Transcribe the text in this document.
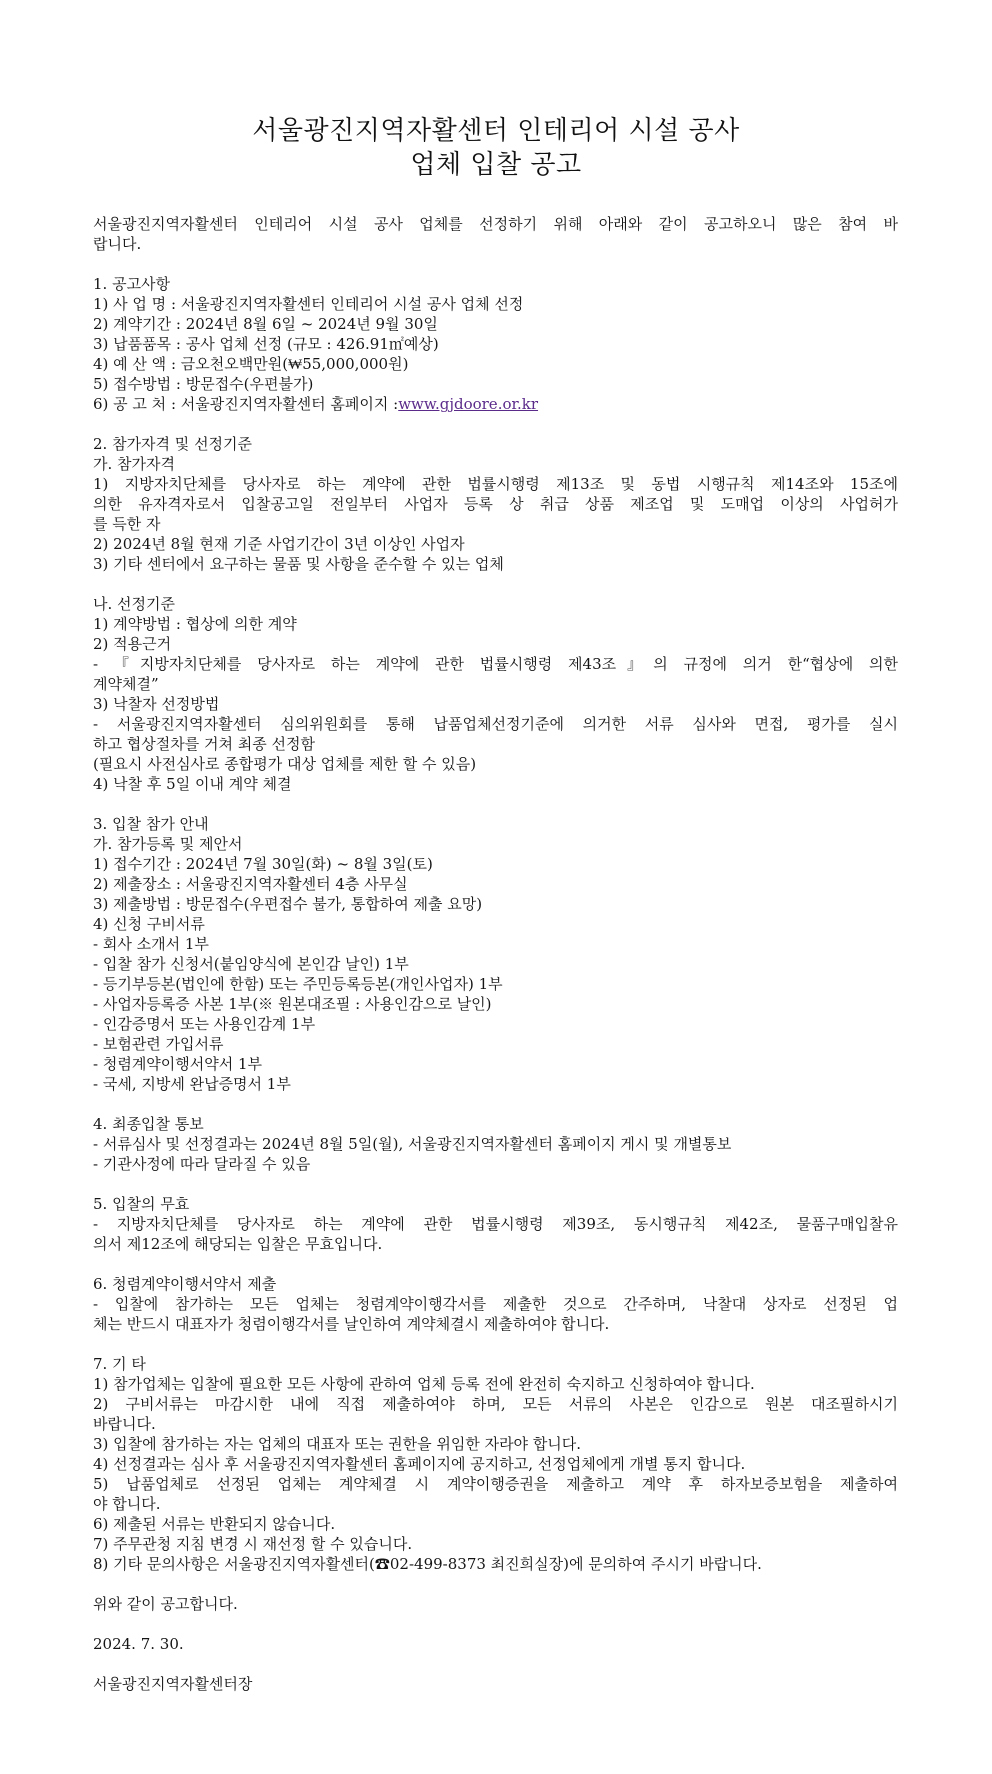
서울광진지역자활센터 인테리어 시설 공사
업체 입찰 공고

서울광진지역자활센터 인테리어 시설 공사 업체를 선정하기 위해 아래와 같이 공고하오니 많은 참여 바

랍니다.

1. 공고사항

1) 사 업 명 : 서울광진지역자활센터 인테리어 시설 공사 업체 선정

2) 계약기간 : 2024년 8월 6일 ~ 2024년 9월 30일

3) 납품품목 : 공사 업체 선정 (규모 : 426.91㎡예상)

4) 예 산 액 : 금오천오백만원(₩55,000,000원)

5) 접수방법 : 방문접수(우편불가)

6) 공 고 처 : 서울광진지역자활센터 홈페이지 :www.gjdoore.or.kr

2. 참가자격 및 선정기준

가. 참가자격

1) 지방자치단체를 당사자로 하는 계약에 관한 법률시행령 제13조 및 동법 시행규칙 제14조와 15조에

의한 유자격자로서 입찰공고일 전일부터 사업자 등록 상 취급 상품 제조업 및 도매업 이상의 사업허가

를 득한 자

2) 2024년 8월 현재 기준 사업기간이 3년 이상인 사업자

3) 기타 센터에서 요구하는 물품 및 사항을 준수할 수 있는 업체

나. 선정기준

1) 계약방법 : 협상에 의한 계약

2) 적용근거

- 『지방자치단체를 당사자로 하는 계약에 관한 법률시행령 제43조』의 규정에 의거 한“협상에 의한

계약체결”

3) 낙찰자 선정방법

- 서울광진지역자활센터 심의위원회를 통해 납품업체선정기준에 의거한 서류 심사와 면접, 평가를 실시

하고 협상절차를 거쳐 최종 선정함

(필요시 사전심사로 종합평가 대상 업체를 제한 할 수 있음)

4) 낙찰 후 5일 이내 계약 체결

3. 입찰 참가 안내

가. 참가등록 및 제안서

1) 접수기간 : 2024년 7월 30일(화) ~ 8월 3일(토)

2) 제출장소 : 서울광진지역자활센터 4층 사무실

3) 제출방법 : 방문접수(우편접수 불가, 통합하여 제출 요망)

4) 신청 구비서류

- 회사 소개서 1부

- 입찰 참가 신청서(붙임양식에 본인감 날인) 1부

- 등기부등본(법인에 한함) 또는 주민등록등본(개인사업자) 1부

- 사업자등록증 사본 1부(※ 원본대조필 : 사용인감으로 날인)

- 인감증명서 또는 사용인감계 1부

- 보험관련 가입서류

- 청렴계약이행서약서 1부

- 국세, 지방세 완납증명서 1부

4. 최종입찰 통보

- 서류심사 및 선정결과는 2024년 8월 5일(월), 서울광진지역자활센터 홈페이지 게시 및 개별통보

- 기관사정에 따라 달라질 수 있음

5. 입찰의 무효

- 지방자치단체를 당사자로 하는 계약에 관한 법률시행령 제39조, 동시행규칙 제42조, 물품구매입찰유

의서 제12조에 해당되는 입찰은 무효입니다.

6. 청렴계약이행서약서 제출

- 입찰에 참가하는 모든 업체는 청렴계약이행각서를 제출한 것으로 간주하며, 낙찰대 상자로 선정된 업

체는 반드시 대표자가 청렴이행각서를 날인하여 계약체결시 제출하여야 합니다.

7. 기 타

1) 참가업체는 입찰에 필요한 모든 사항에 관하여 업체 등록 전에 완전히 숙지하고 신청하여야 합니다.

2) 구비서류는 마감시한 내에 직접 제출하여야 하며, 모든 서류의 사본은 인감으로 원본 대조필하시기

바랍니다.

3) 입찰에 참가하는 자는 업체의 대표자 또는 권한을 위임한 자라야 합니다.

4) 선정결과는 심사 후 서울광진지역자활센터 홈페이지에 공지하고, 선정업체에게 개별 통지 합니다.

5) 납품업체로 선정된 업체는 계약체결 시 계약이행증권을 제출하고 계약 후 하자보증보험을 제출하여

야 합니다.

6) 제출된 서류는 반환되지 않습니다.

7) 주무관청 지침 변경 시 재선정 할 수 있습니다.

8) 기타 문의사항은 서울광진지역자활센터(☎02-499-8373 최진희실장)에 문의하여 주시기 바랍니다.

위와 같이 공고합니다.

2024. 7. 30.

서울광진지역자활센터장
